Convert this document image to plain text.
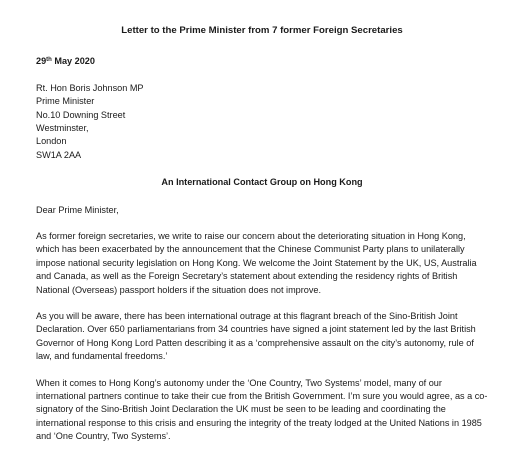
Letter to the Prime Minister from 7 former Foreign Secretaries
29th May 2020
Rt. Hon Boris Johnson MP
Prime Minister
No.10 Downing Street
Westminster,
London
SW1A 2AA
An International Contact Group on Hong Kong
Dear Prime Minister,
As former foreign secretaries, we write to raise our concern about the deteriorating situation in Hong Kong, which has been exacerbated by the announcement that the Chinese Communist Party plans to unilaterally impose national security legislation on Hong Kong. We welcome the Joint Statement by the UK, US, Australia and Canada, as well as the Foreign Secretary’s statement about extending the residency rights of British National (Overseas) passport holders if the situation does not improve.
As you will be aware, there has been international outrage at this flagrant breach of the Sino-British Joint Declaration. Over 650 parliamentarians from 34 countries have signed a joint statement led by the last British Governor of Hong Kong Lord Patten describing it as a ‘comprehensive assault on the city’s autonomy, rule of law, and fundamental freedoms.’
When it comes to Hong Kong’s autonomy under the ‘One Country, Two Systems’ model, many of our international partners continue to take their cue from the British Government. I’m sure you would agree, as a co-signatory of the Sino-British Joint Declaration the UK must be seen to be leading and coordinating the international response to this crisis and ensuring the integrity of the treaty lodged at the United Nations in 1985 and ‘One Country, Two Systems’.
